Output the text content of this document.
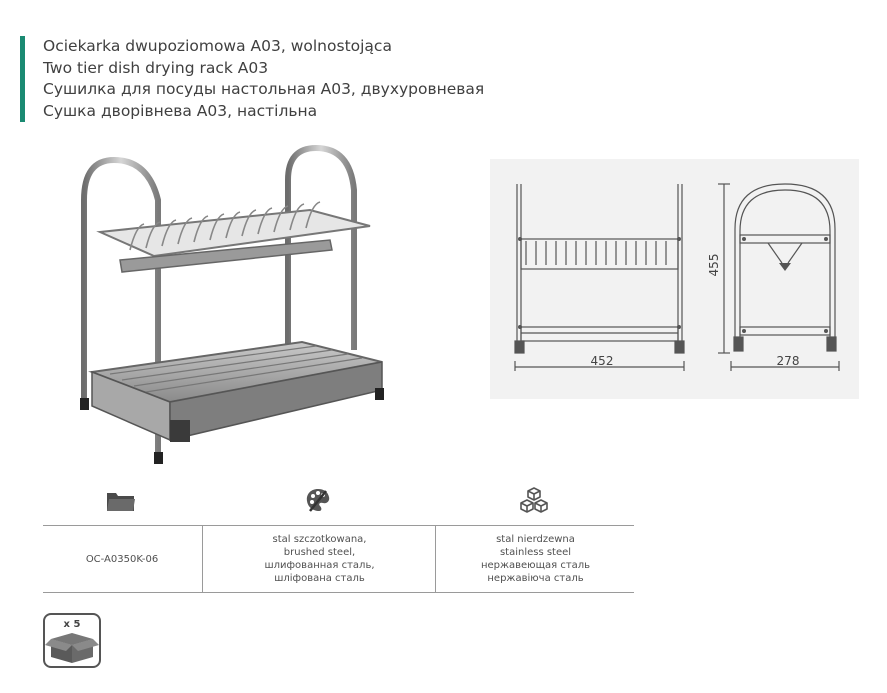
Ociekarka dwupoziomowa A03, wolnostojąca
Two tier dish drying rack A03
Сушилка для посуды настольная A03, двухуровневая
Сушка дворівнева A03, настільна
452	278
455
OC-A0350K-06
stal szczotkowana,
brushed steel,
шлифованная сталь,
шліфована сталь
stal nierdzewna
stainless steel
нержавеющая сталь
нержавіюча сталь
x 5
